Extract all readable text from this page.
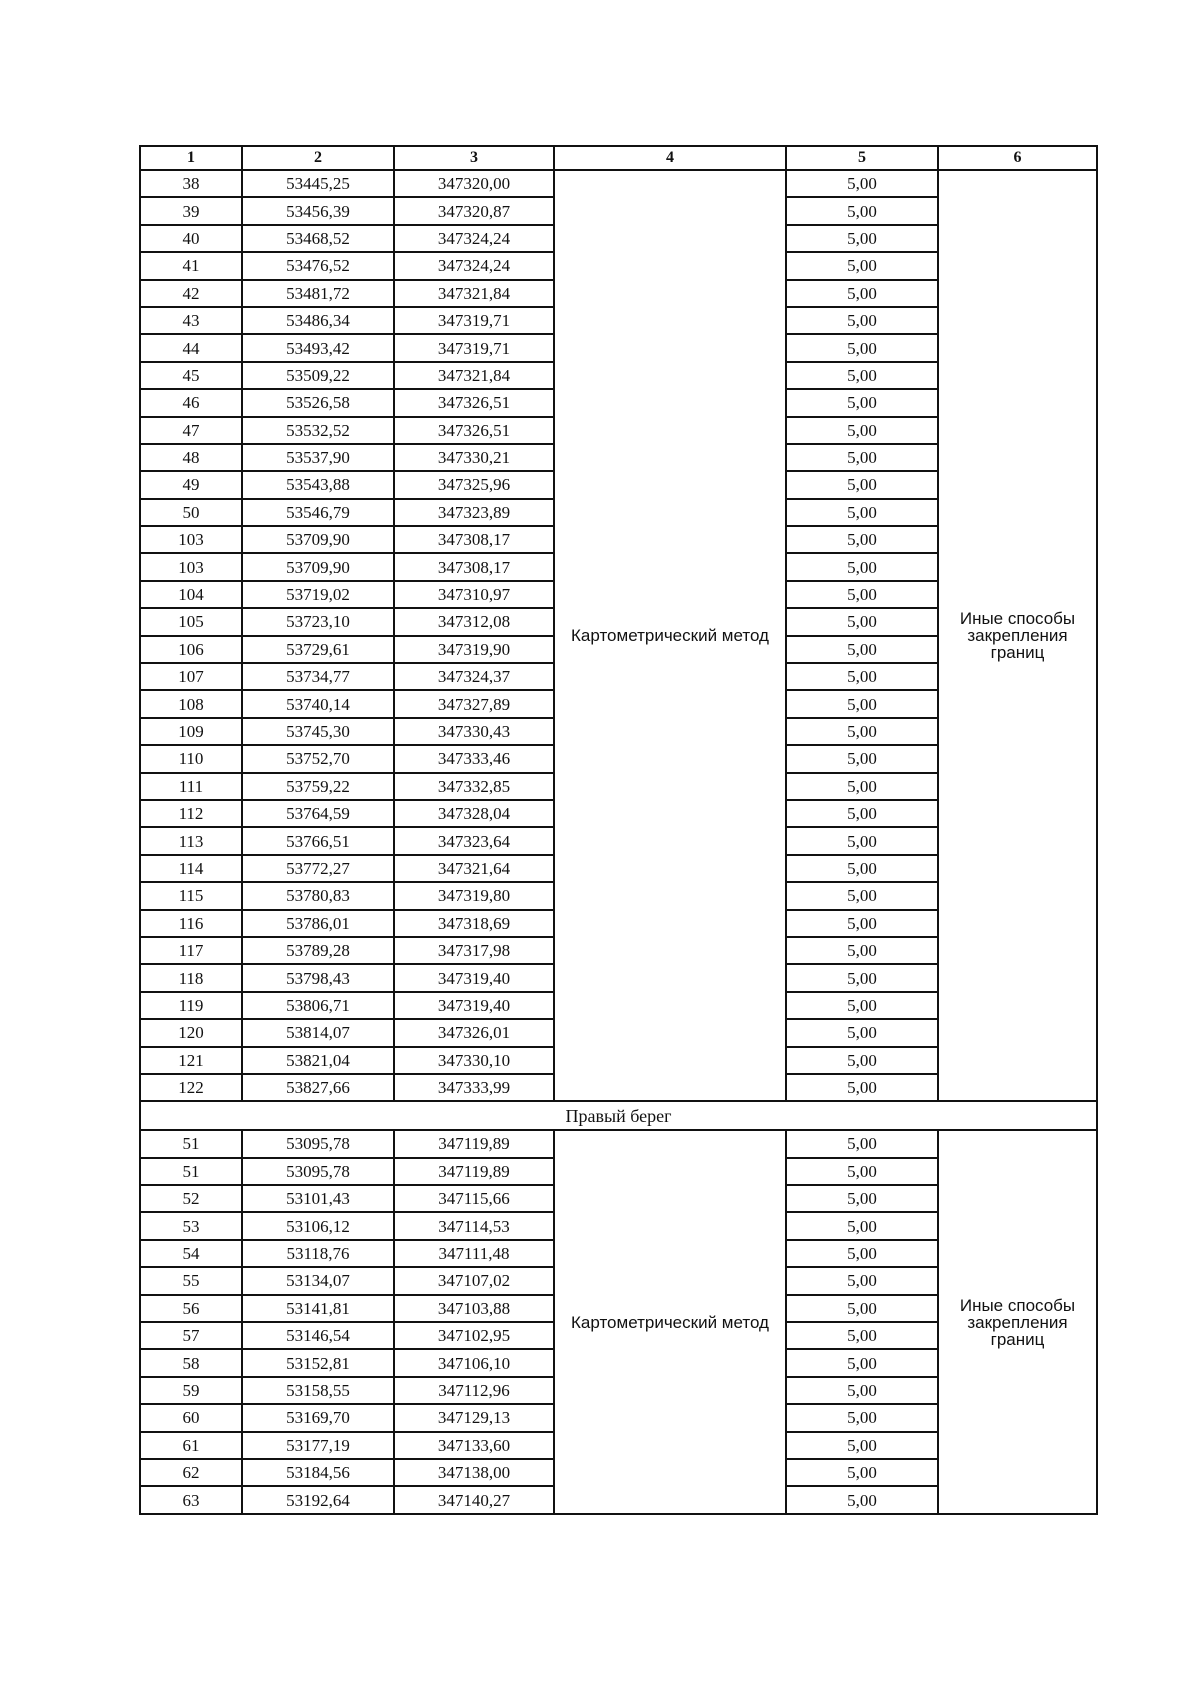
1	2	3	4	5	6
38	53445,25	347320,00	Картометрический метод	5,00	Иные способы закрепления границ
39	53456,39	347320,87		5,00	
40	53468,52	347324,24		5,00	
41	53476,52	347324,24		5,00	
42	53481,72	347321,84		5,00	
43	53486,34	347319,71		5,00	
44	53493,42	347319,71		5,00	
45	53509,22	347321,84		5,00	
46	53526,58	347326,51		5,00	
47	53532,52	347326,51		5,00	
48	53537,90	347330,21		5,00	
49	53543,88	347325,96		5,00	
50	53546,79	347323,89		5,00	
103	53709,90	347308,17		5,00	
103	53709,90	347308,17		5,00	
104	53719,02	347310,97		5,00	
105	53723,10	347312,08		5,00	
106	53729,61	347319,90		5,00	
107	53734,77	347324,37		5,00	
108	53740,14	347327,89		5,00	
109	53745,30	347330,43		5,00	
110	53752,70	347333,46		5,00	
111	53759,22	347332,85		5,00	
112	53764,59	347328,04		5,00	
113	53766,51	347323,64		5,00	
114	53772,27	347321,64		5,00	
115	53780,83	347319,80		5,00	
116	53786,01	347318,69		5,00	
117	53789,28	347317,98		5,00	
118	53798,43	347319,40		5,00	
119	53806,71	347319,40		5,00	
120	53814,07	347326,01		5,00	
121	53821,04	347330,10		5,00	
122	53827,66	347333,99		5,00	
Правый берег					
51	53095,78	347119,89	Картометрический метод	5,00	Иные способы закрепления границ
51	53095,78	347119,89		5,00	
52	53101,43	347115,66		5,00	
53	53106,12	347114,53		5,00	
54	53118,76	347111,48		5,00	
55	53134,07	347107,02		5,00	
56	53141,81	347103,88		5,00	
57	53146,54	347102,95		5,00	
58	53152,81	347106,10		5,00	
59	53158,55	347112,96		5,00	
60	53169,70	347129,13		5,00	
61	53177,19	347133,60		5,00	
62	53184,56	347138,00		5,00	
63	53192,64	347140,27		5,00	
